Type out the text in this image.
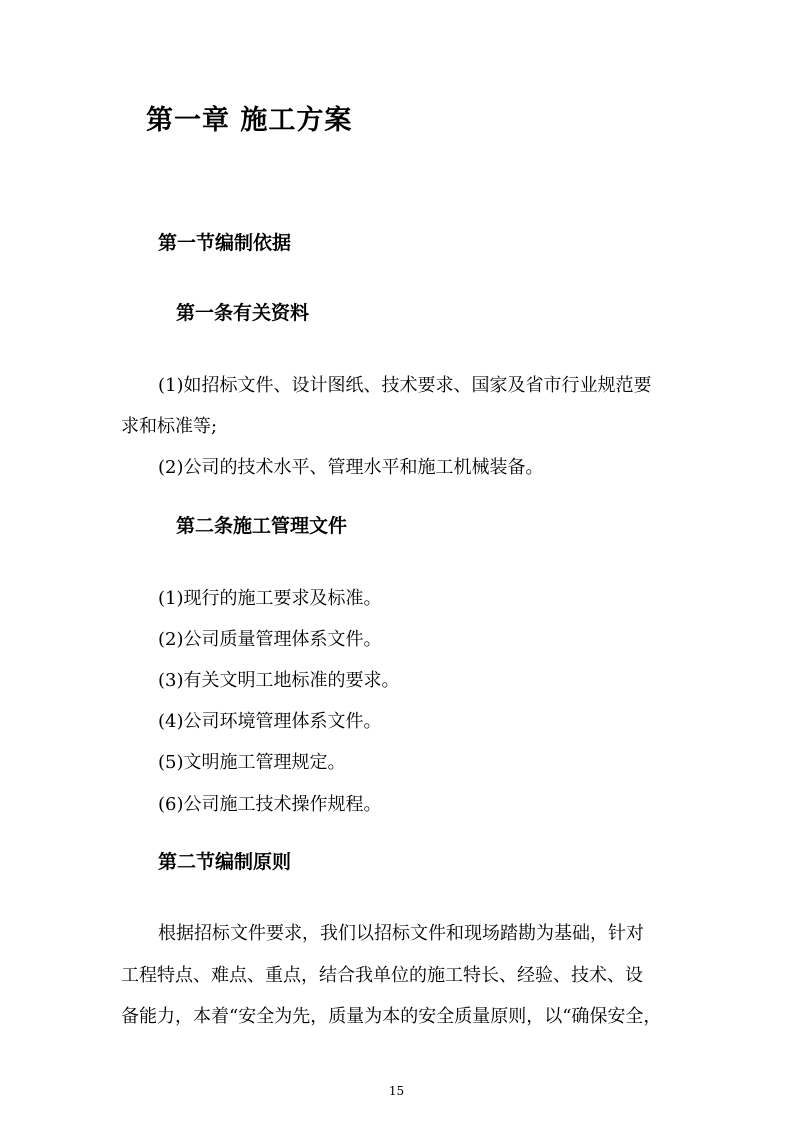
第一章 施工方案
第一节编制依据
第一条有关资料

(1)如招标文件、设计图纸、技术要求、国家及省市行业规范要

求和标准等;

(2)公司的技术水平、管理水平和施工机械装备。

第二条施工管理文件

(1)现行的施工要求及标准。

(2)公司质量管理体系文件。

(3)有关文明工地标准的要求。

(4)公司环境管理体系文件。

(5)文明施工管理规定。

(6)公司施工技术操作规程。

第二节编制原则

根据招标文件要求，我们以招标文件和现场踏勘为基础，针对

工程特点、难点、重点，结合我单位的施工特长、经验、技术、设

备能力，本着“安全为先，质量为本的安全质量原则，以“确保安全，

15
